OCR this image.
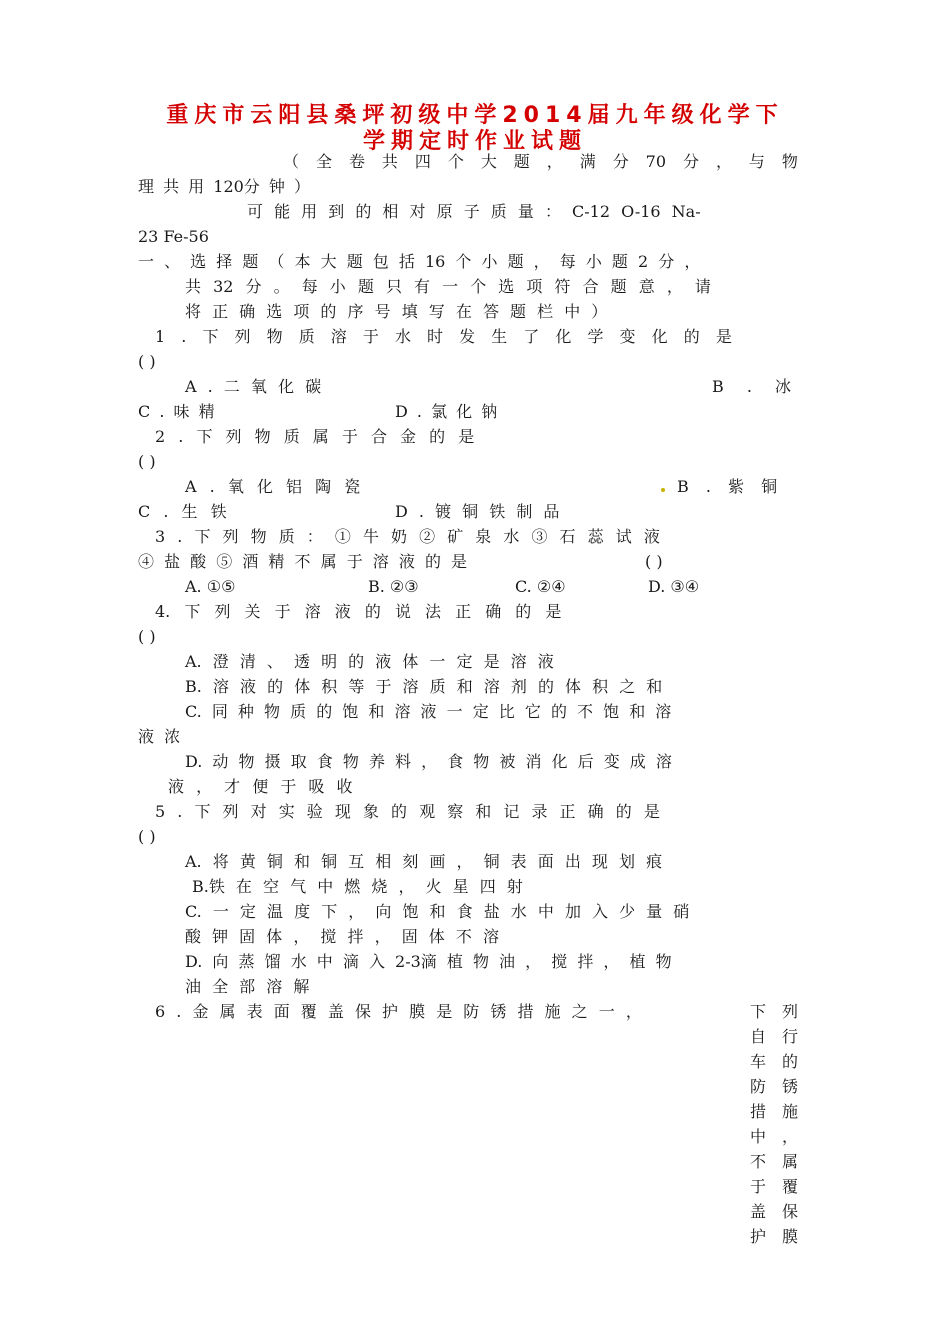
重庆市云阳县桑坪初级中学2014届九年级化学下
学期定时作业试题
（ 全 卷 共 四 个 大 题 ， 满 分 70 分 ， 与 物
理 共 用 120分 钟 ）
可 能 用 到 的 相 对 原 子 质 量 ： C-12 O-16 Na-
23 Fe-56
一 、 选 择 题 （ 本 大 题 包 括 16 个 小 题 ， 每 小 题 2 分 ，
共 32 分 。 每 小 题 只 有 一 个 选 项 符 合 题 意 ， 请
将 正 确 选 项 的 序 号 填 写 在 答 题 栏 中 ）
1 . 下 列 物 质 溶 于 水 时 发 生 了 化 学 变 化 的 是
( )
A . 二 氧 化 碳	B . 冰
C . 味 精	D . 氯 化 钠
2 . 下 列 物 质 属 于 合 金 的 是
( )
A . 氧 化 铝 陶 瓷	B . 紫 铜
C . 生 铁	D . 镀 铜 铁 制 品
3 . 下 列 物 质 ： ① 牛 奶 ② 矿 泉 水 ③ 石 蕊 试 液
④ 盐 酸 ⑤ 酒 精 不 属 于 溶 液 的 是	( )
A. ①⑤	B. ②③	C. ②④	D. ③④
4. 下 列 关 于 溶 液 的 说 法 正 确 的 是
( )
A. 澄 清 、 透 明 的 液 体 一 定 是 溶 液
B. 溶 液 的 体 积 等 于 溶 质 和 溶 剂 的 体 积 之 和
C. 同 种 物 质 的 饱 和 溶 液 一 定 比 它 的 不 饱 和 溶
液 浓
D. 动 物 摄 取 食 物 养 料 ， 食 物 被 消 化 后 变 成 溶
液 ， 才 便 于 吸 收
5 . 下 列 对 实 验 现 象 的 观 察 和 记 录 正 确 的 是
( )
A. 将 黄 铜 和 铜 互 相 刻 画 ， 铜 表 面 出 现 划 痕
B.铁 在 空 气 中 燃 烧 ， 火 星 四 射
C. 一 定 温 度 下 ， 向 饱 和 食 盐 水 中 加 入 少 量 硝
酸 钾 固 体 ， 搅 拌 ， 固 体 不 溶
D. 向 蒸 馏 水 中 滴 入 2-3滴 植 物 油 ， 搅 拌 ， 植 物
油 全 部 溶 解
6 . 金 属 表 面 覆 盖 保 护 膜 是 防 锈 措 施 之 一 ，	下 列
自 行
车 的
防 锈
措 施
中 ，
不 属
于 覆
盖 保
护 膜
